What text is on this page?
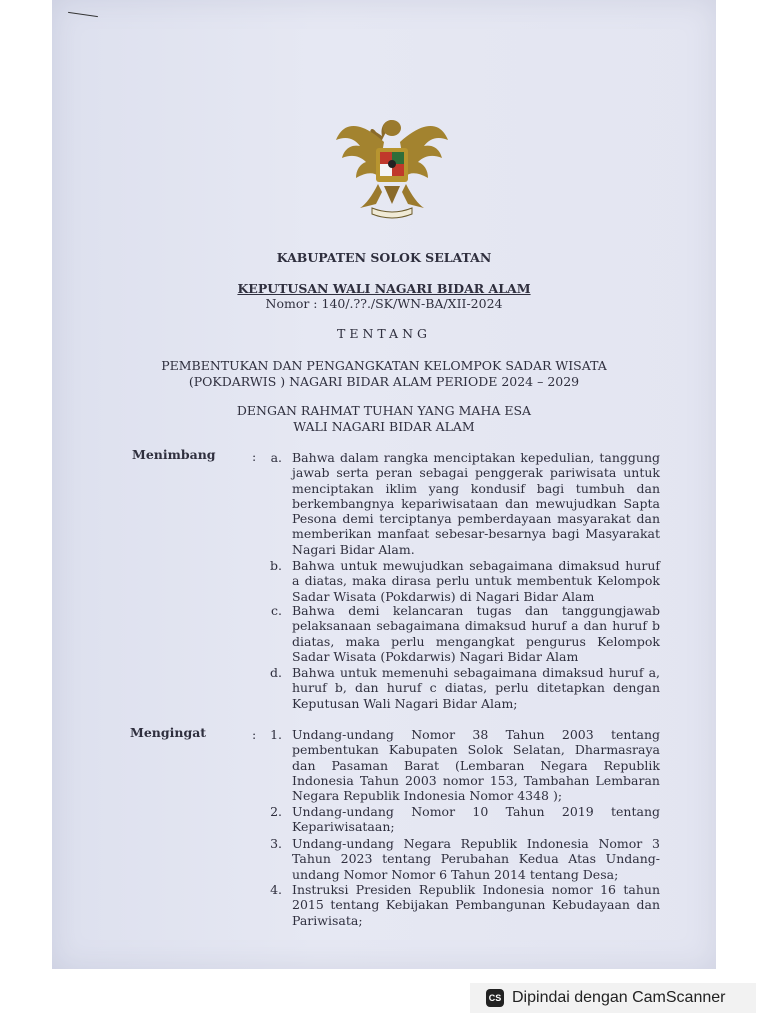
KABUPATEN SOLOK SELATAN
KEPUTUSAN WALI NAGARI BIDAR ALAM
Nomor : 140/.??./SK/WN-BA/XII-2024
TENTANG
PEMBENTUKAN DAN PENGANGKATAN KELOMPOK SADAR WISATA
(POKDARWIS ) NAGARI BIDAR ALAM PERIODE 2024 – 2029
DENGAN RAHMAT TUHAN YANG MAHA ESA
WALI NAGARI BIDAR ALAM
Menimbang	:	a. Bahwa dalam rangka menciptakan kepedulian, tanggung jawab serta peran sebagai penggerak pariwisata untuk menciptakan iklim yang kondusif bagi tumbuh dan berkembangnya kepariwisataan dan mewujudkan Sapta Pesona demi terciptanya pemberdayaan masyarakat dan memberikan manfaat sebesar-besarnya bagi Masyarakat Nagari Bidar Alam.
b. Bahwa untuk mewujudkan sebagaimana dimaksud huruf a diatas, maka dirasa perlu untuk membentuk Kelompok Sadar Wisata (Pokdarwis) di Nagari Bidar Alam
c. Bahwa demi kelancaran tugas dan tanggungjawab pelaksanaan sebagaimana dimaksud huruf a dan huruf b diatas, maka perlu mengangkat pengurus Kelompok Sadar Wisata (Pokdarwis) Nagari Bidar Alam
d. Bahwa untuk memenuhi sebagaimana dimaksud huruf a, huruf b, dan huruf c diatas, perlu ditetapkan dengan Keputusan Wali Nagari Bidar Alam;
Mengingat	:	1. Undang-undang Nomor 38 Tahun 2003 tentang pembentukan Kabupaten Solok Selatan, Dharmasraya dan Pasaman Barat (Lembaran Negara Republik Indonesia Tahun 2003 nomor 153, Tambahan Lembaran Negara Republik Indonesia Nomor 4348 );
2. Undang-undang Nomor 10 Tahun 2019 tentang Kepariwisataan;
3. Undang-undang Negara Republik Indonesia Nomor 3 Tahun 2023 tentang Perubahan Kedua Atas Undang-undang Nomor Nomor 6 Tahun 2014 tentang Desa;
4. Instruksi Presiden Republik Indonesia nomor 16 tahun 2015 tentang Kebijakan Pembangunan Kebudayaan dan Pariwisata;
CS Dipindai dengan CamScanner
